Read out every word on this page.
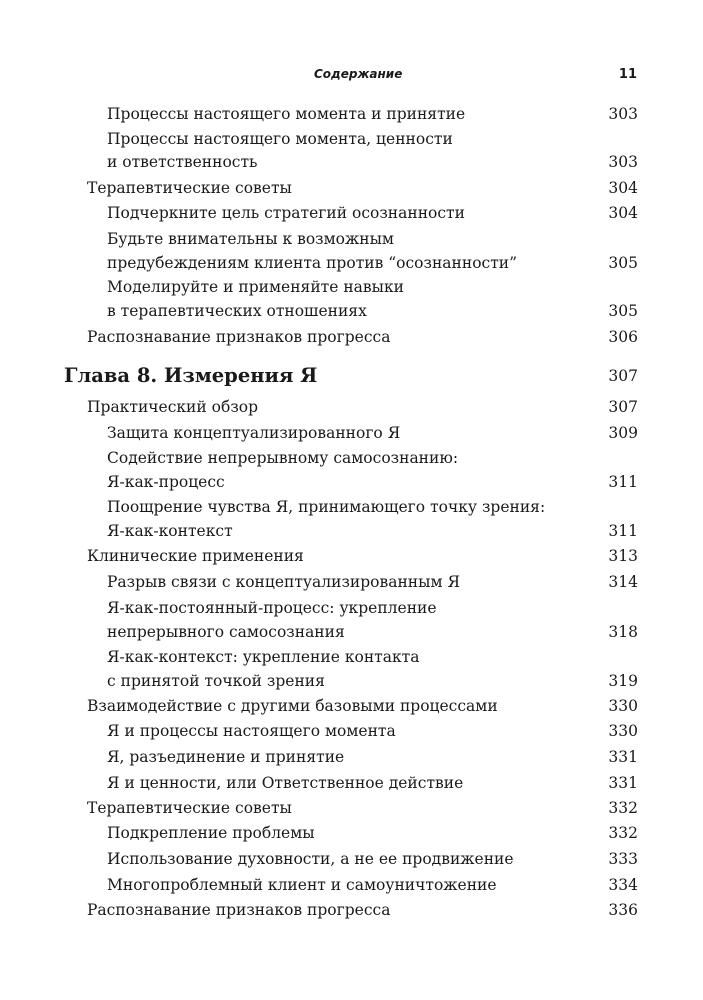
Содержание	11
Процессы настоящего момента и принятие	303
Процессы настоящего момента, ценности
и ответственность	303
Терапевтические советы	304
Подчеркните цель стратегий осознанности	304
Будьте внимательны к возможным
предубеждениям клиента против “осознанности”	305
Моделируйте и применяйте навыки
в терапевтических отношениях	305
Распознавание признаков прогресса	306
Глава 8. Измерения Я	307
Практический обзор	307
Защита концептуализированного Я	309
Содействие непрерывному самосознанию:
Я-как-процесс	311
Поощрение чувства Я, принимающего точку зрения:
Я-как-контекст	311
Клинические применения	313
Разрыв связи с концептуализированным Я	314
Я-как-постоянный-процесс: укрепление
непрерывного самосознания	318
Я-как-контекст: укрепление контакта
с принятой точкой зрения	319
Взаимодействие с другими базовыми процессами	330
Я и процессы настоящего момента	330
Я, разъединение и принятие	331
Я и ценности, или Ответственное действие	331
Терапевтические советы	332
Подкрепление проблемы	332
Использование духовности, а не ее продвижение	333
Многопроблемный клиент и самоуничтожение	334
Распознавание признаков прогресса	336
